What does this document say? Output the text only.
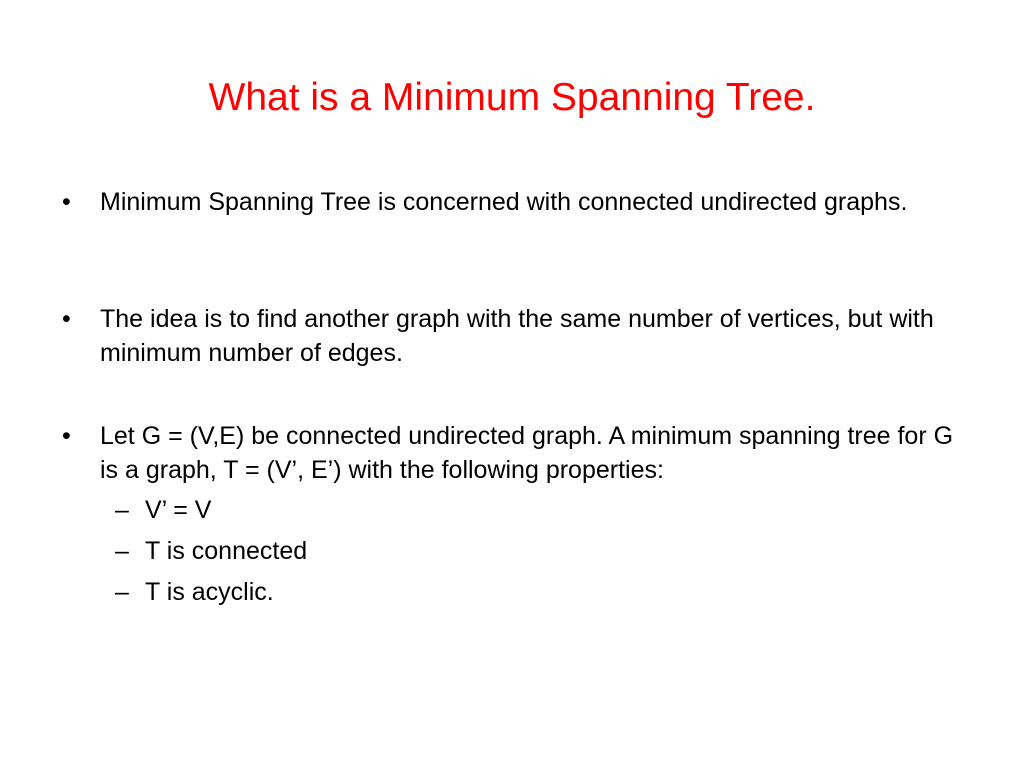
What is a Minimum Spanning Tree.
•	Minimum Spanning Tree is concerned with connected undirected graphs.
•	The idea is to find another graph with the same number of vertices, but with minimum number of edges.
•	Let G = (V,E) be connected undirected graph. A minimum spanning tree for G is a graph, T = (V’, E’) with the following properties:
– V’ = V
– T is connected
– T is acyclic.
